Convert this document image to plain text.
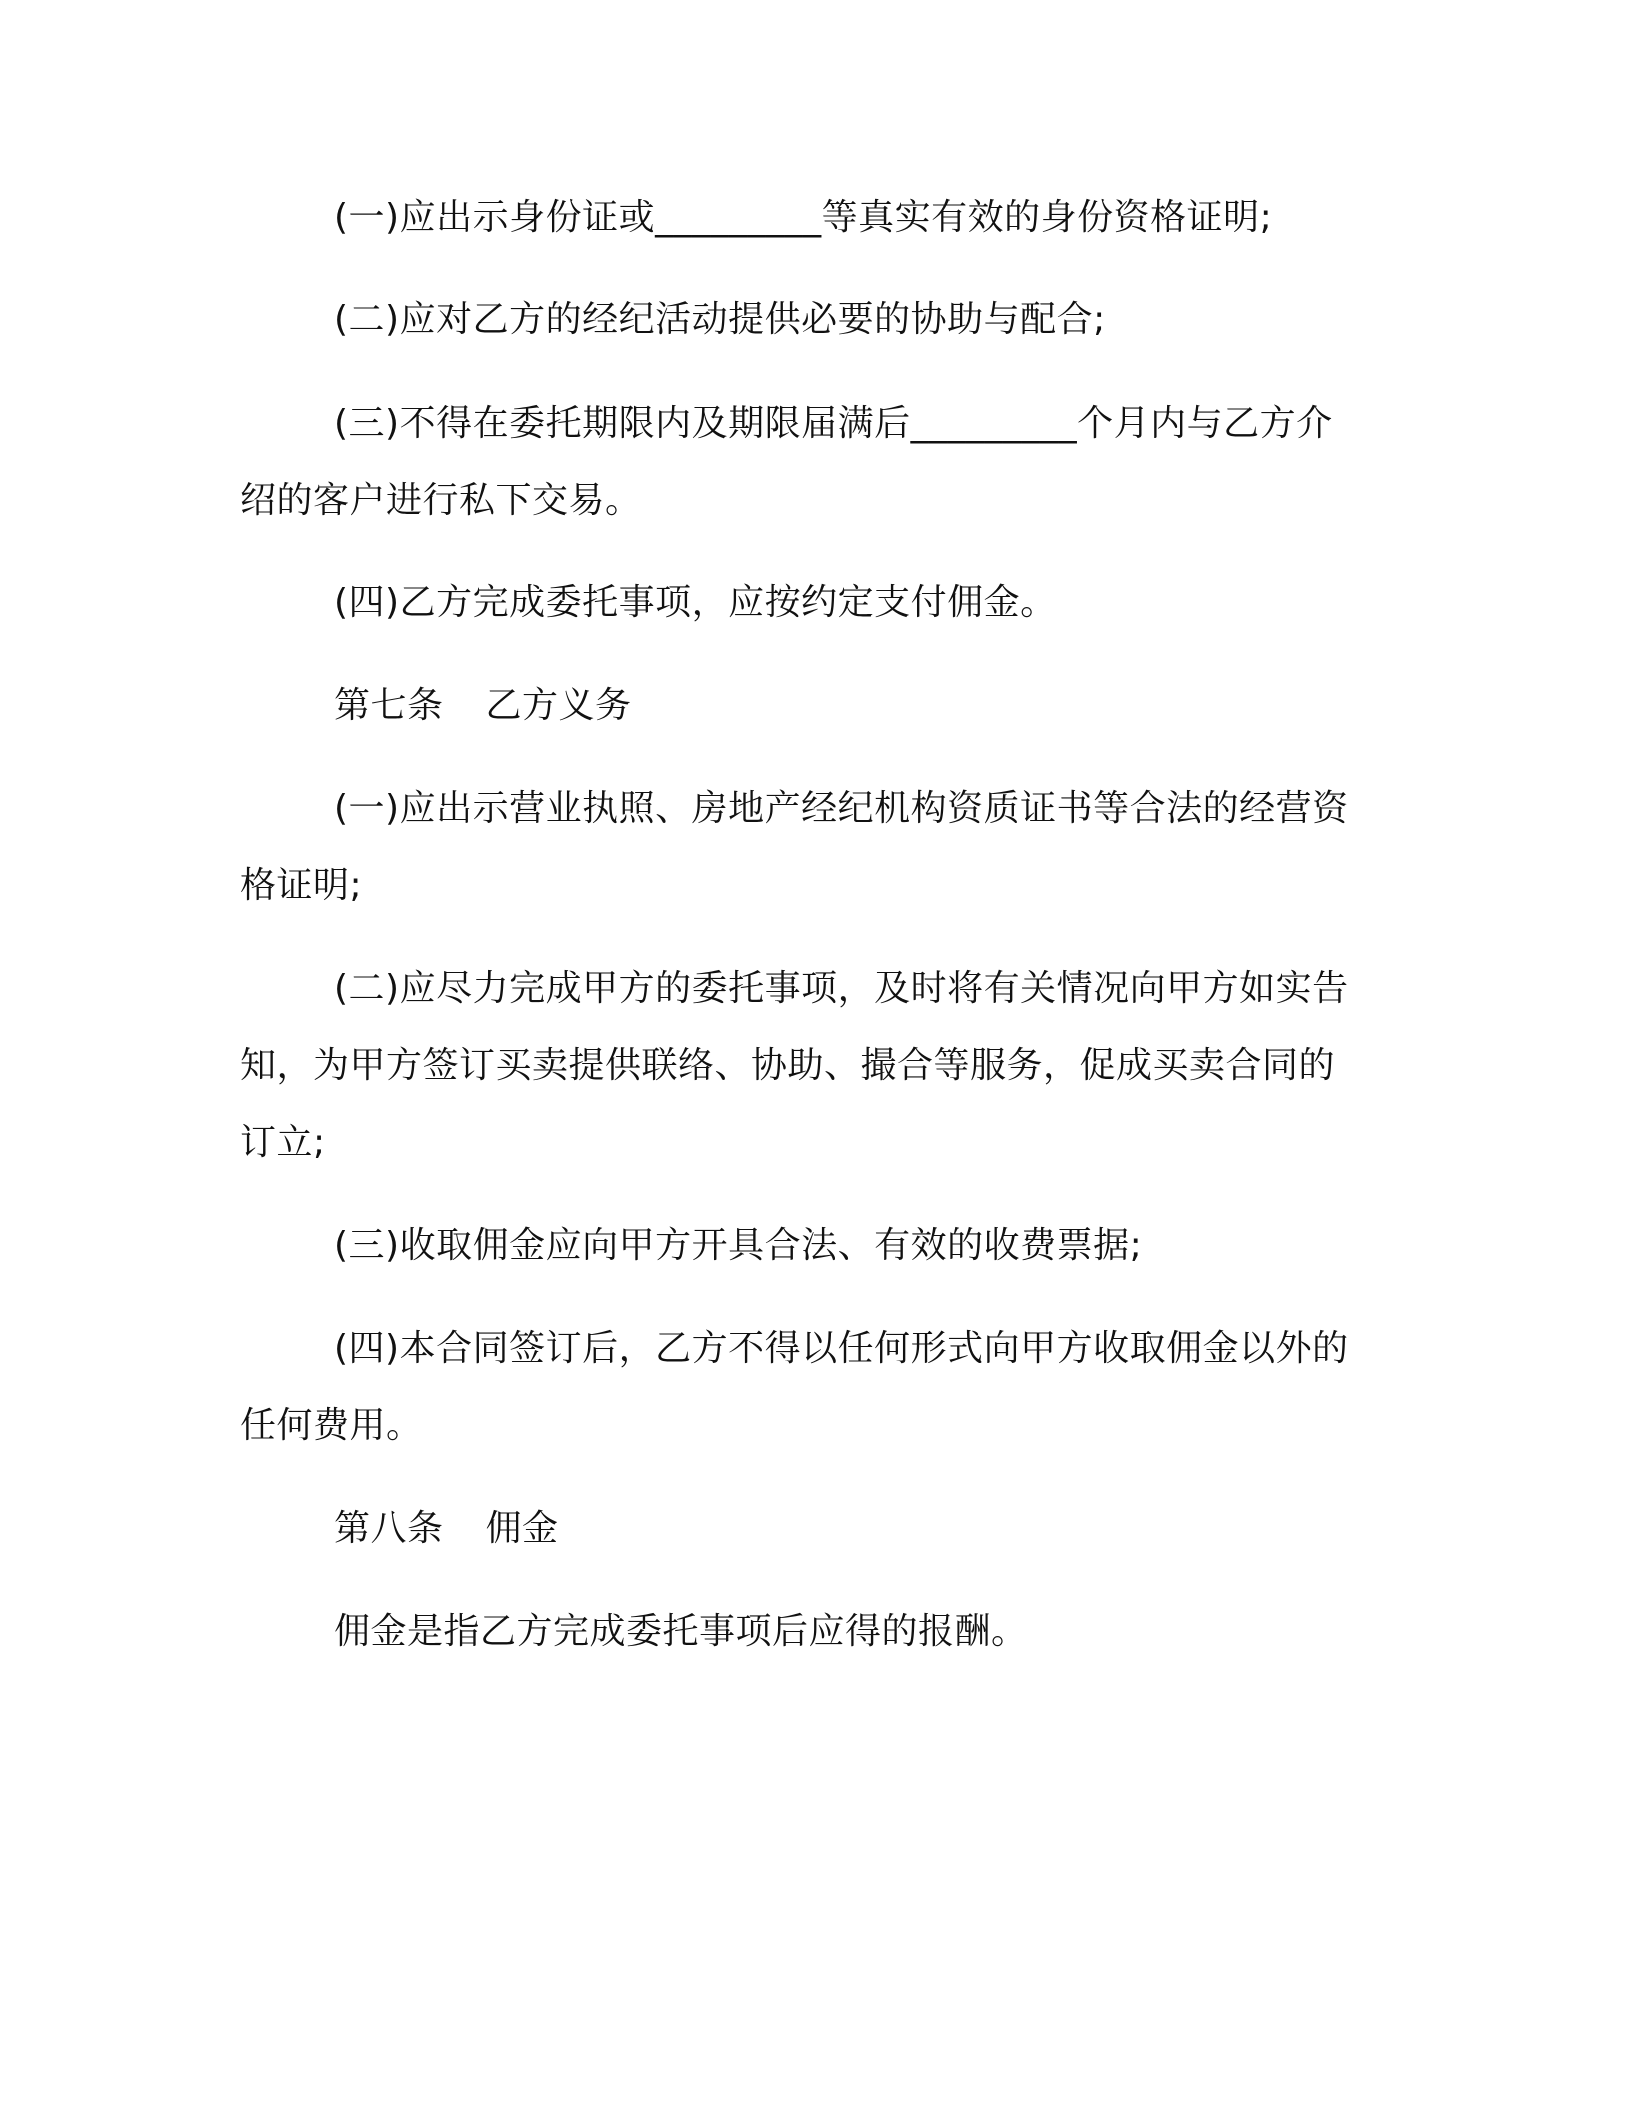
(一)应出示身份证或_________等真实有效的身份资格证明;
(二)应对乙方的经纪活动提供必要的协助与配合;
(三)不得在委托期限内及期限届满后_________个月内与乙方介
绍的客户进行私下交易。
(四)乙方完成委托事项，应按约定支付佣金。
第七条 乙方义务
(一)应出示营业执照、房地产经纪机构资质证书等合法的经营资
格证明;
(二)应尽力完成甲方的委托事项，及时将有关情况向甲方如实告
知，为甲方签订买卖提供联络、协助、撮合等服务，促成买卖合同的
订立;
(三)收取佣金应向甲方开具合法、有效的收费票据;
(四)本合同签订后，乙方不得以任何形式向甲方收取佣金以外的
任何费用。
第八条 佣金
佣金是指乙方完成委托事项后应得的报酬。
